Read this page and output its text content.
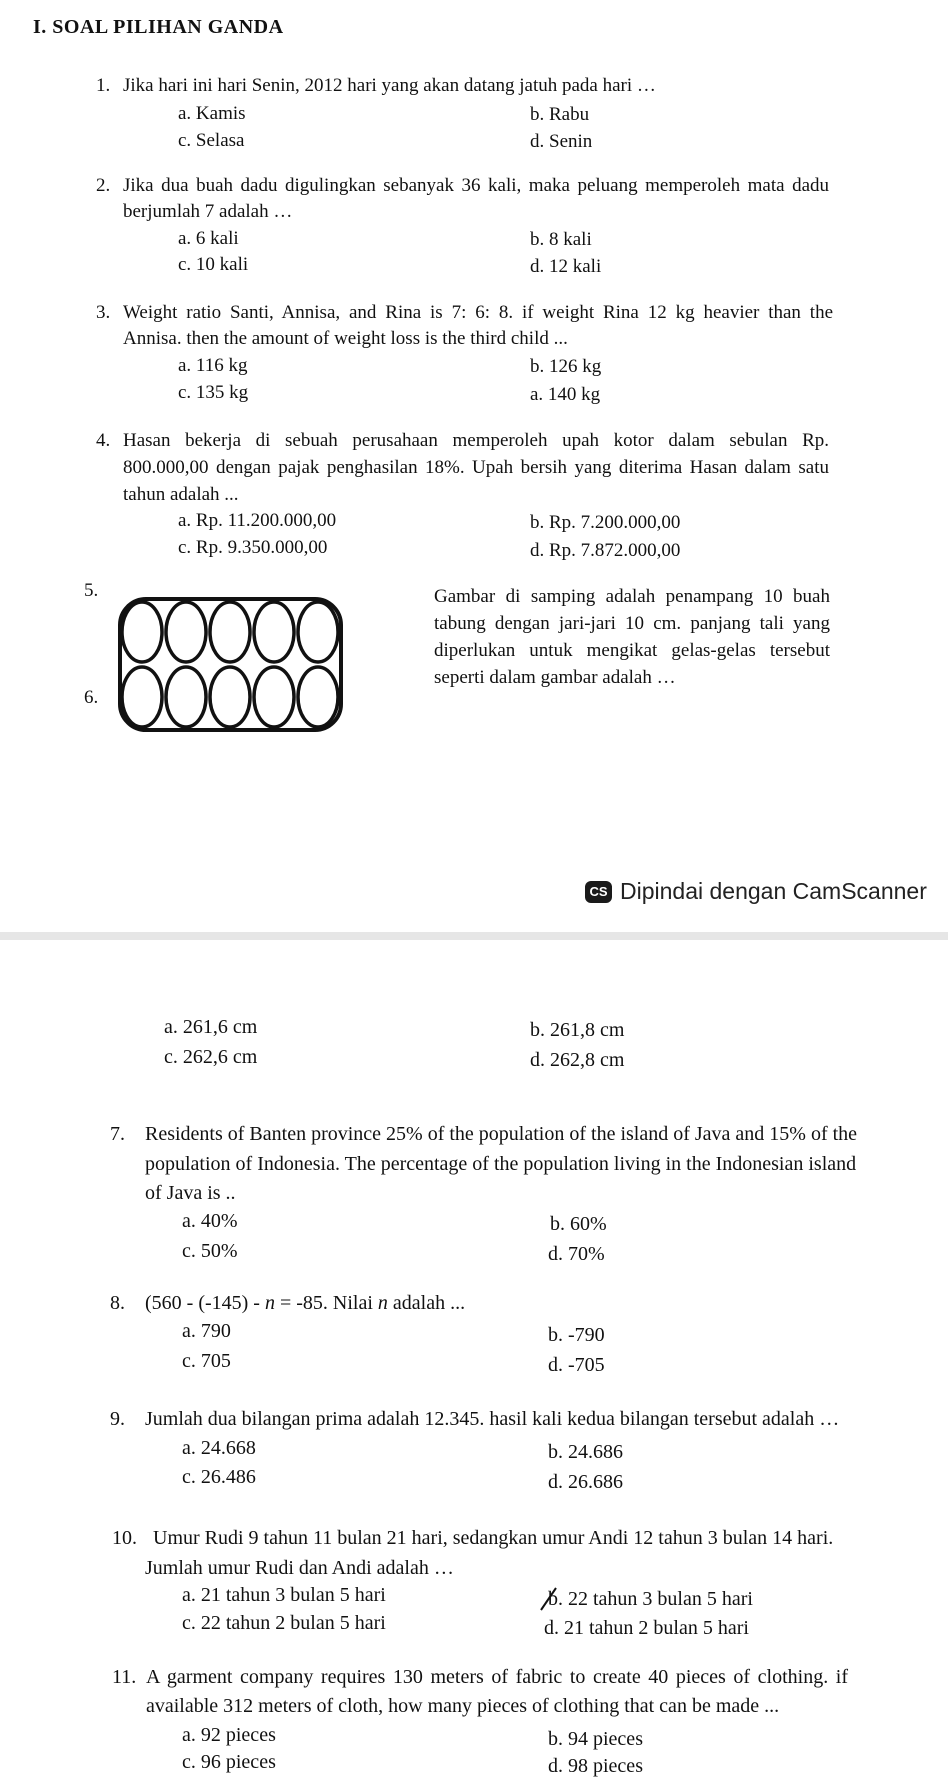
I. SOAL PILIHAN GANDA
1. Jika hari ini hari Senin, 2012 hari yang akan datang jatuh pada hari …
a. Kamis	b. Rabu
c. Selasa	d. Senin
2. Jika dua buah dadu digulingkan sebanyak 36 kali, maka peluang memperoleh mata dadu
berjumlah 7 adalah …
a. 6 kali	b. 8 kali
c. 10 kali	d. 12 kali
3. Weight ratio Santi, Annisa, and Rina is 7: 6: 8. if weight Rina 12 kg heavier than the
Annisa. then the amount of weight loss is the third child ...
a. 116 kg	b. 126 kg
c. 135 kg	a. 140 kg
4. Hasan bekerja di sebuah perusahaan memperoleh upah kotor dalam sebulan Rp.
800.000,00 dengan pajak penghasilan 18%. Upah bersih yang diterima Hasan dalam satu
tahun adalah ...
a. Rp. 11.200.000,00	b. Rp. 7.200.000,00
c. Rp. 9.350.000,00	d. Rp. 7.872.000,00
5.	Gambar di samping adalah penampang 10 buah
tabung dengan jari-jari 10 cm. panjang tali yang
diperlukan untuk mengikat gelas-gelas tersebut
seperti dalam gambar adalah …
6.
CS Dipindai dengan CamScanner
a. 261,6 cm	b. 261,8 cm
c. 262,6 cm	d. 262,8 cm
7. Residents of Banten province 25% of the population of the island of Java and 15% of the
population of Indonesia. The percentage of the population living in the Indonesian island
of Java is ..
a. 40%	b. 60%
c. 50%	d. 70%
8. (560 - (-145) - n = -85. Nilai n adalah ...
a. 790	b. -790
c. 705	d. -705
9. Jumlah dua bilangan prima adalah 12.345. hasil kali kedua bilangan tersebut adalah …
a. 24.668	b. 24.686
c. 26.486	d. 26.686
10. Umur Rudi 9 tahun 11 bulan 21 hari, sedangkan umur Andi 12 tahun 3 bulan 14 hari.
Jumlah umur Rudi dan Andi adalah …
a. 21 tahun 3 bulan 5 hari	b. 22 tahun 3 bulan 5 hari
c. 22 tahun 2 bulan 5 hari	d. 21 tahun 2 bulan 5 hari
11. A garment company requires 130 meters of fabric to create 40 pieces of clothing. if
available 312 meters of cloth, how many pieces of clothing that can be made ...
a. 92 pieces	b. 94 pieces
c. 96 pieces	d. 98 pieces
